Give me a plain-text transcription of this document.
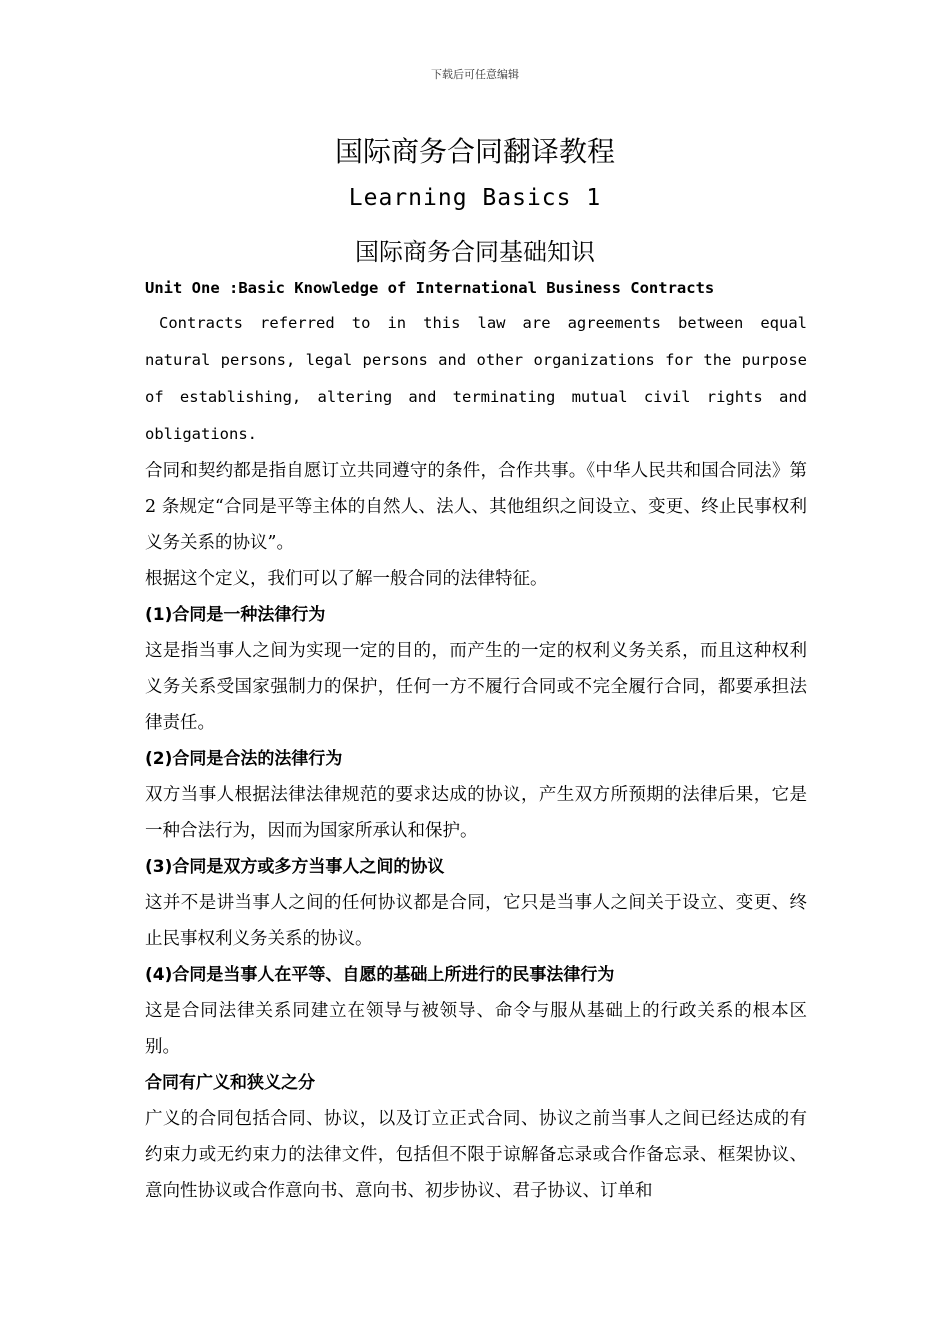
下载后可任意编辑
国际商务合同翻译教程
Learning Basics 1
国际商务合同基础知识

Unit One :Basic Knowledge of International Business Contracts

Contracts referred to in this law are agreements between equal natural persons, legal persons and other organizations for the purpose of establishing, altering and terminating mutual civil rights and obligations.

合同和契约都是指自愿订立共同遵守的条件，合作共事。《中华人民共和国合同法》第 2 条规定“合同是平等主体的自然人、法人、其他组织之间设立、变更、终止民事权利义务关系的协议”。

根据这个定义，我们可以了解一般合同的法律特征。

(1)合同是一种法律行为

这是指当事人之间为实现一定的目的，而产生的一定的权利义务关系，而且这种权利义务关系受国家强制力的保护，任何一方不履行合同或不完全履行合同，都要承担法律责任。

(2)合同是合法的法律行为

双方当事人根据法律法律规范的要求达成的协议，产生双方所预期的法律后果，它是一种合法行为，因而为国家所承认和保护。

(3)合同是双方或多方当事人之间的协议

这并不是讲当事人之间的任何协议都是合同，它只是当事人之间关于设立、变更、终止民事权利义务关系的协议。

(4)合同是当事人在平等、自愿的基础上所进行的民事法律行为

这是合同法律关系同建立在领导与被领导、命令与服从基础上的行政关系的根本区别。

合同有广义和狭义之分

广义的合同包括合同、协议，以及订立正式合同、协议之前当事人之间已经达成的有约束力或无约束力的法律文件，包括但不限于谅解备忘录或合作备忘录、框架协议、意向性协议或合作意向书、意向书、初步协议、君子协议、订单和
